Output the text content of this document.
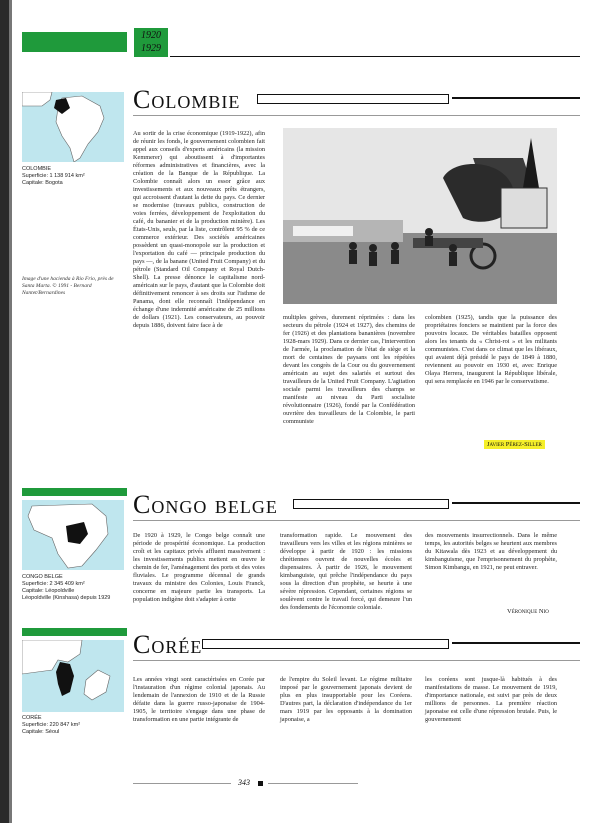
1920
1929
COLOMBIE
Superficie: 1 138 914 km²
Capitale: Bogota
Image d'une hacienda à Rio Frio, près de Santa Marta. © 1991 - Bernard Nantet/Bernardines
Colombie
Au sortir de la crise économique (1919-1922), afin de réunir les fonds, le gouvernement colombien fait appel aux conseils d'experts américains (la mission Kemmerer) qui aboutissent à d'importantes réformes administratives et financières, avec la création de la Banque de la République. La Colombie connaît alors un essor grâce aux investissements et aux nouveaux prêts étrangers, qui accroissent d'autant la dette du pays. Ce dernier se modernise (travaux publics, construction de voies ferrées, développement de l'exploitation du café, du bananier et de la production minière). Les États-Unis, seuls, par la liste, contrôlent 95 % de ce commerce extérieur. Des sociétés américaines possèdent un quasi-monopole sur la production et l'exportation du café — principale production du pays —, de la banane (United Fruit Company) et du pétrole (Standard Oil Company et Royal Dutch-Shell). La presse dénonce le capitalisme nord-américain sur le pays, d'autant que la Colombie doit définitivement renoncer à ses droits sur l'isthme de Panama, dont elle reconnaît l'indépendance en échange d'une indemnité américaine de 25 millions de dollars (1921). Les conservateurs, au pouvoir depuis 1886, doivent faire face à de
multiples grèves, durement réprimées : dans les secteurs du pétrole (1924 et 1927), des chemins de fer (1926) et des plantations bananières (novembre 1928-mars 1929). Dans ce dernier cas, l'intervention de l'armée, la proclamation de l'état de siège et la mort de centaines de paysans ont les répétées devant les congrès de la Cour ou du gouvernement américain au sujet des salariés et surtout des travailleurs de la United Fruit Company. L'agitation sociale parmi les travailleurs des champs se manifeste au niveau du Parti socialiste révolutionnaire (1926), fondé par la Confédération ouvrière des travailleurs de la Colombie, le parti communiste
colombien (1925), tandis que la puissance des propriétaires fonciers se maintient par la force des pouvoirs locaux. De véritables batailles opposent alors les tenants du « Christ-roi » et les militants communistes. C'est dans ce climat que les libéraux, qui avaient déjà présidé le pays de 1849 à 1880, reviennent au pouvoir en 1930 et, avec Enrique Olaya Herrera, inaugurent la République libérale, qui sera remplacée en 1946 par le conservatisme.
Javier Pérez-Siller
CONGO BELGE
Superficie: 2 345 409 km²
Capitale: Léopoldville
Léopoldville (Kinshasa) depuis 1929
Congo belge
De 1920 à 1929, le Congo belge connaît une période de prospérité économique. La production croît et les capitaux privés affluent massivement : les investissements publics mettent en œuvre le chemin de fer, l'aménagement des ports et des voies fluviales. Le programme décennal de grands travaux du ministre des Colonies, Louis Franck, concerne en majeure partie les transports. La population indigène doit s'adapter à cette
transformation rapide. Le mouvement des travailleurs vers les villes et les régions minières se développe à partir de 1920 : les missions chrétiennes ouvrent de nouvelles écoles et dispensaires. À partir de 1926, le mouvement kimbanguiste, qui prêche l'indépendance du pays sous la direction d'un prophète, se heurte à une sévère répression. Cependant, certaines régions se soulèvent contre le travail forcé, qui demeure l'un des fondements de l'économie coloniale.
des mouvements insurrectionnels. Dans le même temps, les autorités belges se heurtent aux membres du Kitawala dès 1923 et au développement du kimbanguisme, que l'emprisonnement du prophète, Simon Kimbangu, en 1921, ne peut entraver.
Véronique Nio
CORÉE
Superficie: 220 847 km²
Capitale: Séoul
Corée
Les années vingt sont caractérisées en Corée par l'instauration d'un régime colonial japonais. Au lendemain de l'annexion de 1910 et de la Russie défaite dans la guerre russo-japonaise de 1904-1905, le territoire s'engage dans une phase de transformation en une partie intégrante de
de l'empire du Soleil levant. Le régime militaire imposé par le gouvernement japonais devient de plus en plus insupportable pour les Coréens. D'autres part, la déclaration d'indépendance du 1er mars 1919 par les opposants à la domination japonaise, a
les coréens sont jusque-là habitués à des manifestations de masse. Le mouvement de 1919, d'importance nationale, est suivi par près de deux millions de personnes. La première réaction japonaise est celle d'une répression brutale. Puis, le gouvernement
343
